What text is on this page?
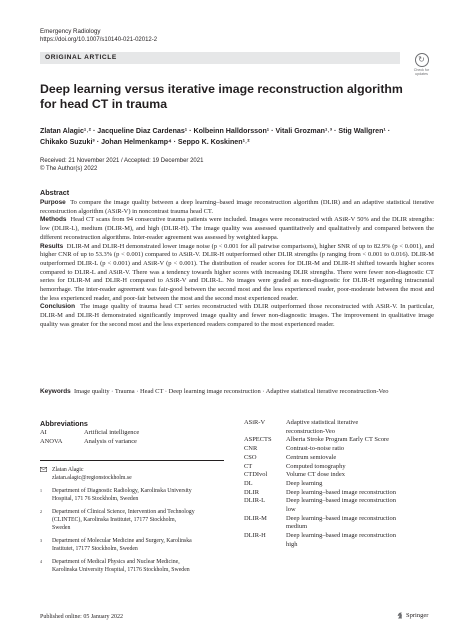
Emergency Radiology
https://doi.org/10.1007/s10140-021-02012-2
ORIGINAL ARTICLE	↻
Check for updates
Deep learning versus iterative image reconstruction algorithm for head CT in trauma
Zlatan Alagic¹˒² · Jacqueline Diaz Cardenas¹ · Kolbeinn Halldorsson¹ · Vitali Grozman¹˒³ · Stig Wallgren¹ ·
Chikako Suzuki³ · Johan Helmenkamp⁴ · Seppo K. Koskinen¹˒²
Received: 21 November 2021 / Accepted: 19 December 2021
© The Author(s) 2022
Abstract

Purpose To compare the image quality between a deep learning–based image reconstruction algorithm (DLIR) and an adaptive statistical iterative reconstruction algorithm (ASiR-V) in noncontrast trauma head CT.

Methods Head CT scans from 94 consecutive trauma patients were included. Images were reconstructed with ASiR-V 50% and the DLIR strengths: low (DLIR-L), medium (DLIR-M), and high (DLIR-H). The image quality was assessed quantitatively and qualitatively and compared between the different reconstruction algorithms. Inter-reader agreement was assessed by weighted kappa.

Results DLIR-M and DLIR-H demonstrated lower image noise (p < 0.001 for all pairwise comparisons), higher SNR of up to 82.9% (p < 0.001), and higher CNR of up to 53.3% (p < 0.001) compared to ASiR-V. DLIR-H outperformed other DLIR strengths (p ranging from < 0.001 to 0.016). DLIR-M outperformed DLIR-L (p < 0.001) and ASiR-V (p < 0.001). The distribution of reader scores for DLIR-M and DLIR-H shifted towards higher scores compared to DLIR-L and ASiR-V. There was a tendency towards higher scores with increasing DLIR strengths. There were fewer non-diagnostic CT series for DLIR-M and DLIR-H compared to ASiR-V and DLIR-L. No images were graded as non-diagnostic for DLIR-H regarding intracranial hemorrhage. The inter-reader agreement was fair-good between the second most and the less experienced reader, poor-moderate between the most and the less experienced reader, and poor-fair between the most and the second most experienced reader.

Conclusion The image quality of trauma head CT series reconstructed with DLIR outperformed those reconstructed with ASiR-V. In particular, DLIR-M and DLIR-H demonstrated significantly improved image quality and fewer non-diagnostic images. The improvement in qualitative image quality was greater for the second most and the less experienced readers compared to the most experienced reader.

Keywords Image quality · Trauma · Head CT · Deep learning image reconstruction · Adaptive statistical iterative reconstruction-Veo
Abbreviations
AI	Artificial intelligence
ANOVA	Analysis of variance
ASiR-V	Adaptive statistical iterative
reconstruction-Veo
ASPECTS Alberta Stroke Program Early CT Score
CNR	Contrast-to-noise ratio
CSO	Centrum semiovale
CT	Computed tomography
CTDIvol	Volume CT dose index
DL	Deep learning
DLIR	Deep learning–based image reconstruction
DLIR-L	Deep learning–based image reconstruction
low
DLIR-M	Deep learning–based image reconstruction
medium
DLIR-H	Deep learning–based image reconstruction
high
Zlatan Alagic
zlatan.alagic@regionstockholm.se
1 Department of Diagnostic Radiology, Karolinska University
Hospital, 171 76 Stockholm, Sweden
2 Department of Clinical Science, Intervention and Technology
(CLINTEC), Karolinska Institutet, 17177 Stockholm,
Sweden
3 Department of Molecular Medicine and Surgery, Karolinska
Institutet, 17177 Stockholm, Sweden
4 Department of Medical Physics and Nuclear Medicine,
Karolinska University Hospital, 17176 Stockholm, Sweden
Published online: 05 January 2022	Springer
